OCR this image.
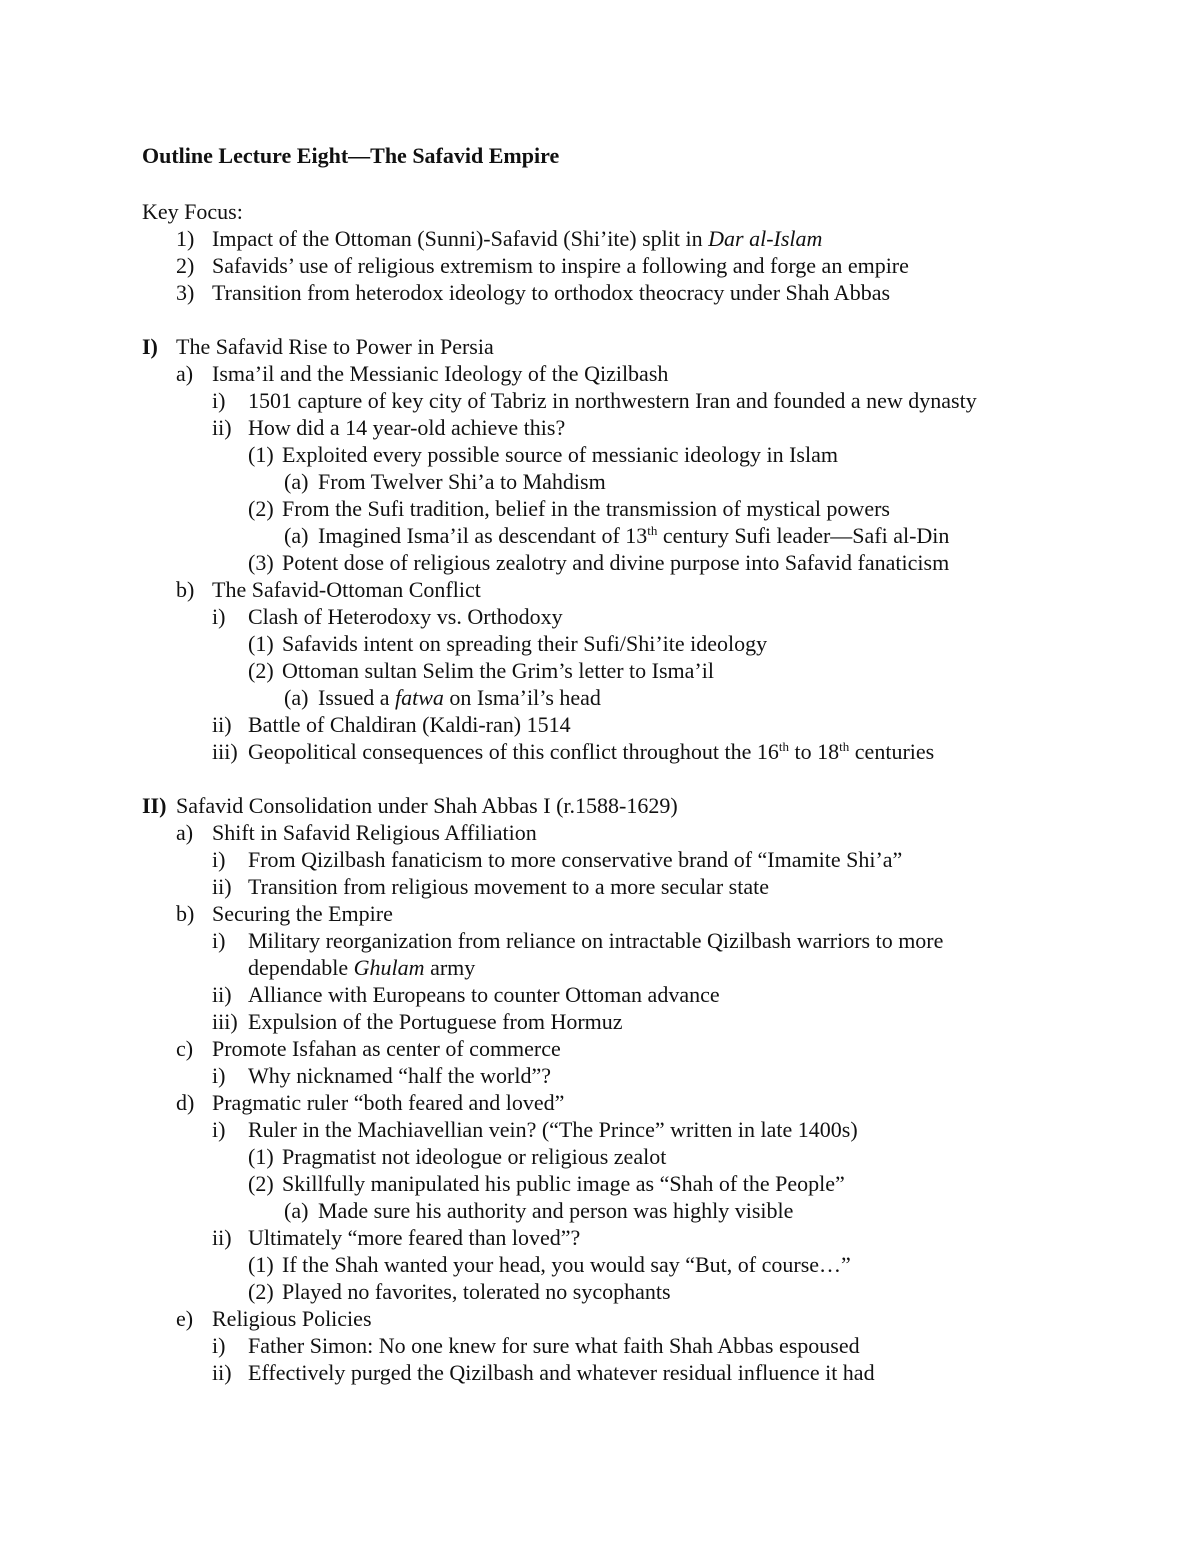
Outline Lecture Eight—The Safavid Empire
Key Focus:
1) Impact of the Ottoman (Sunni)-Safavid (Shi’ite) split in Dar al-Islam
2) Safavids’ use of religious extremism to inspire a following and forge an empire
3) Transition from heterodox ideology to orthodox theocracy under Shah Abbas
I) The Safavid Rise to Power in Persia
a) Isma’il and the Messianic Ideology of the Qizilbash
i) 1501 capture of key city of Tabriz in northwestern Iran and founded a new dynasty
ii) How did a 14 year-old achieve this?
(1) Exploited every possible source of messianic ideology in Islam
(a) From Twelver Shi’a to Mahdism
(2) From the Sufi tradition, belief in the transmission of mystical powers
(a) Imagined Isma’il as descendant of 13th century Sufi leader—Safi al-Din
(3) Potent dose of religious zealotry and divine purpose into Safavid fanaticism
b) The Safavid-Ottoman Conflict
i) Clash of Heterodoxy vs. Orthodoxy
(1) Safavids intent on spreading their Sufi/Shi’ite ideology
(2) Ottoman sultan Selim the Grim’s letter to Isma’il
(a) Issued a fatwa on Isma’il’s head
ii) Battle of Chaldiran (Kaldi-ran) 1514
iii) Geopolitical consequences of this conflict throughout the 16th to 18th centuries
II) Safavid Consolidation under Shah Abbas I (r.1588-1629)
a) Shift in Safavid Religious Affiliation
i) From Qizilbash fanaticism to more conservative brand of “Imamite Shi’a”
ii) Transition from religious movement to a more secular state
b) Securing the Empire
i) Military reorganization from reliance on intractable Qizilbash warriors to more
dependable Ghulam army
ii) Alliance with Europeans to counter Ottoman advance
iii) Expulsion of the Portuguese from Hormuz
c) Promote Isfahan as center of commerce
i) Why nicknamed “half the world”?
d) Pragmatic ruler “both feared and loved”
i) Ruler in the Machiavellian vein? (“The Prince” written in late 1400s)
(1) Pragmatist not ideologue or religious zealot
(2) Skillfully manipulated his public image as “Shah of the People”
(a) Made sure his authority and person was highly visible
ii) Ultimately “more feared than loved”?
(1) If the Shah wanted your head, you would say “But, of course…”
(2) Played no favorites, tolerated no sycophants
e) Religious Policies
i) Father Simon: No one knew for sure what faith Shah Abbas espoused
ii) Effectively purged the Qizilbash and whatever residual influence it had
